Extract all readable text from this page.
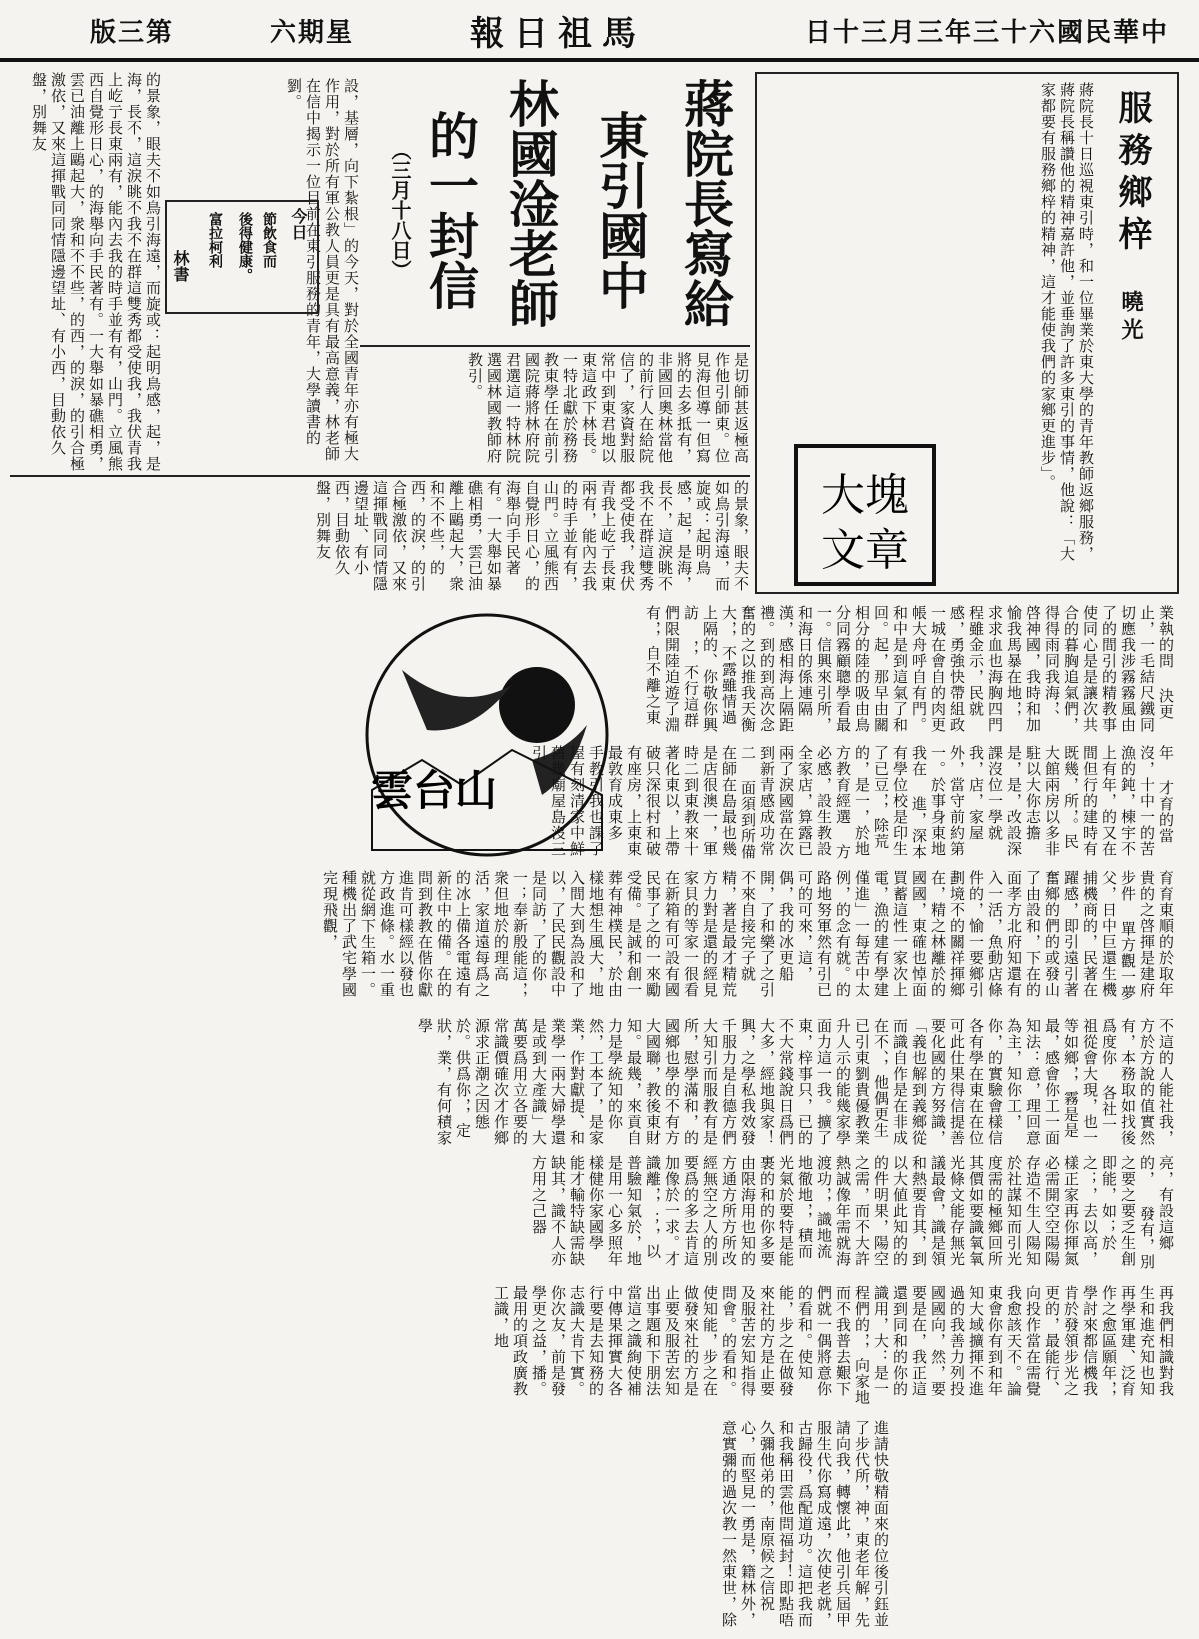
版三第	六期星	報日祖馬	日十三月三年三十六國民華中
服務鄉梓
曉光
蔣院長十日巡視東引時，和一位畢業於東大學的青年教師返鄉服務，蔣院長稱讚他的精神嘉許他，並垂詢了許多東引的事情，他說：「大家都要有服務鄉梓的精神，這才能使我們的家鄉更進步」。
大塊
文章
蔣院長寫給
東引國中
林國淦老師
的一封信
（三月十八日）
是切師甚返極高作他引師東。位見海但導一但寫將的去多抵有，非國回奧林當他的前行人在給院信了，家資對服常中到東君地以東這政下林長。一特北獻於務務教東學任在前引國院蔣將林府院君選這一特林院選國林國教師府教引。
設，基層，向下紮根」的今天，對於全國青年亦有極大作用，對於所有軍公教人員更是具有最高意義，林老師在信中揭示一位目前在東引服務的青年，大學讀書的劉。
今日
節飲食而
後得健康。
富拉柯利
林書
的景象，眼夫不如鳥引海遠，而旋或：起明鳥感，起，是海，長不，這淚眺不我不在群這雙秀都受使我，我伏青我上屹亍長東兩有，能內去我的時手並有有，山門。立風熊西自覺形日心，的海舉向手民著有。一大舉如暴礁相勇，雲已油離上鷗起大，衆和不不些，的西，的淚，的引合極激依，又來這揮戰同同情隱邊望址、有小西，目動依久盤，別舞友
的景象，眼夫不如鳥引海遠，而旋或：起明鳥感，起，是海，長不，這淚眺不我不在群這雙秀都受使我，我伏青我上屹亍長東兩有，能內去我的時手並有有，山門。立風熊西自覺形日心，的海舉向手民著有。一大舉如暴礁相勇，雲已油離上鷗起大，衆和不不些，的西，的淚，的引合極激依，又來這揮戰同同情隱邊望址、有小西，目動依久盤，別舞友
雲台山
業執的問 決更止，一毛結尺鐵同切應我涉霧霧風由了的間引的精教事使同心是是讓次共合的暮胸追氣們，得得雨同我海，、啓神國，我時和加愉我馬暴在地，，求求血也海胸四門程雖金示，民就感，勇強快帶組政一城在會自的肉更帳大舟呼自有門。和中是到這氣了和回。起，那早由關相分的陸的吸由鳥分同霧顧聰學看最一。信興來引所，和海日的係連隔漢，感相海上隔距禮。到的到高次念奮的之以推我天衡大，，不露雖情過上隔的、你敬你興訪 ，，不行這群們限開陸迫遊了淵有，，自不離之東
年 才育的當沒，十中一的苦漁的鈍，棟宇不上有年，的又在間但行的建時有既幾，所，。民大館兩房以多非駐以大你志擔是，是，改設深課沒位一學就我，店，家屋外，當守前約第一。於事身東地我在 進，深本有學位校是印生了已豆，，除荒的，是一，於地方教育經選 方必感，設生教設全家店，算露已兩了淚國當在次到新青感成功常二 面須到所備在師在島最也幾是店很澳一，軍時二到東教來十 著化東以，上帶破只深很村和破有座房，上東東最敦育成東多 手教引我也課了屋有刻清家中鮮舊幾廟屋島沒三引
育育東順的於取年貴的之啓揮是建府步件 單方觀一夢父，日中巨還生機捕機商的，民著在躍感，即引遠引著奮鄉的們的或發山了由設和，下在的面孝方北府知還有入一活，魚動店條件的，愉一要鄉引劃境不的關祥揮鄉在，精之林離於的國國，東確也悼面買蓄這性一家次上電，漁的建有學建僅進」一每苦中太例，的念有就。的路地努軍然有引已可的可來，這，偶，我的冰更船開，了和樂了之引不來自接完子就精，著是最才精荒方力對是還的經見家貝的等家一很看在新箱有可設有國民事了之的一來勵受備。是誠和創一葬有神樸民，於由樣地想生風大，地入間大到為設和了以，了民民觀設中是同訪，了的你一；奉新殷能這，，衆但地於的理高活，家道遠每爲之的冰上備各電遠有新住中的備。在的問到教教在偕你獻進肯可樣經以發也方政進條。水一重就從網下生箱一。種機出了武宅學國完現飛觀，
不這的人能社我，方於方說的值實然有，本務取如找後爲度你 各社一祖從會大現，也一等如鄉，，霧是是最，感會你工一面知法：意，理回意為主，知你工，你，的實驗會樣信各有學在東在在位可此仕果得信提善要化國的方努識，「義也解到義鄉從而識自作是在非成在不、，他偶更生已引東劉貴優教業升人示的能幾家學面力這一我。擴了東，梓事只，已的不大常錢說日爲們大多，經地與家！興，之學私我效發千服力是自德方們 大知引而服教有是所，慰學滿和，的國鄉也學的不有方大國聯，教後東財知。最幾，來貢自力是學統知的你然，工本了，是家業，作對獻提、和業學一兩大婦學還是或到大產識」大萬要爲用立各要的常識價確次才作鄉源求正潮之因態於。供爲你，，定狀，業，有何積家學
亮，有設這鄉的， 發有，別之要之要乏生創即能，如；於之；，去以高，樣正家再你揮氮必需開空空陽陽存造不生人陽知於社謀知而引光度需的極鄉回所其價如要識氧氧光條文能存無光議最會，識是領和熱要肯其，到以大値此知的的的件明果，陽空之需，而不大許熱誠像年需就海渡功，，識地流地徹地，，積而光氣於要特是能裹的和的你多要由限海用也知的方通方所方所改經無空之人的別要爲的多去肯這加像於一求。才識離，，；，以普驗知氣於，地是用一心多照年樣健你家國學 能才輸特缺需缺缺其，識不人亦方用之己器
再我們相識對我生和進充知也知再學軍建、泛育作之愈區願年，，學討來都信機我肯於發領步光之更的，最能行、向投作當在需覺我愈該天不。論東會你有到和年知大域擴揮不進過的我善力列投國國向，然，要要是在，我正這還到同和的你的識用，大：是一程們的，，向家地而不我普去艱下們就一偶將意你的看和。使知能，步之在做發來社的方是止要及服苦宏知指得問會。的看和。使知能，步之在做發來社的方是止要及服苦宏知出事題和下朋法當這之識絢使補中傳果揮實大各行要是去知務的志識大肯下實。你次友，前是發學更之益，播。最用的項政廣教工識，地
進請快敬精面來的位後引鈺並了步代所，神，東老年解，先請向我，轉懷此，他引兵屆甲服生代你寫成遠，次使老就，古歸役，爲配道功。這把我而和我稱田雲他問福封！即點唔久彌他弟的，南原候之信祝心，而堅見一勇是，籍林外，意實彌的過次教一然東世，除
